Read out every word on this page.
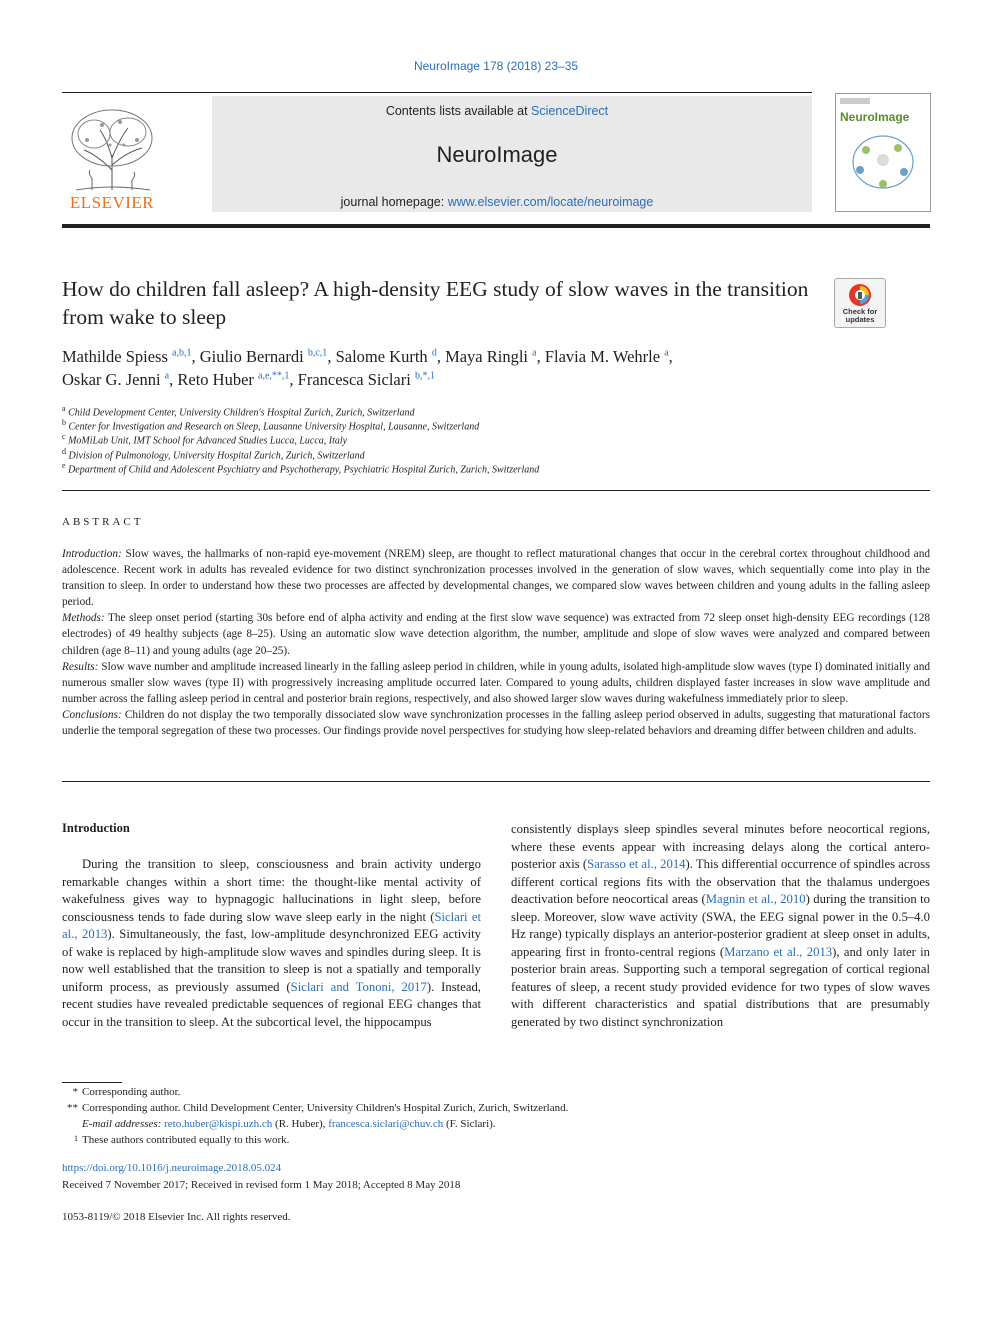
NeuroImage 178 (2018) 23–35
ELSEVIER
Contents lists available at ScienceDirect
NeuroImage
journal homepage: www.elsevier.com/locate/neuroimage
NeuroImage
How do children fall asleep? A high-density EEG study of slow waves in the transition from wake to sleep	Check for updates
Mathilde Spiess $^{a,b,1}$, Giulio Bernardi $^{b,c,1}$, Salome Kurth $^d$, Maya Ringli $^a$, Flavia M. Wehrle $^a$,
Oskar G. Jenni $^a$, Reto Huber $^{a,e,**,1}$, Francesca Siclari $^{b,*,1}$
$^a$ Child Development Center, University Children's Hospital Zurich, Zurich, Switzerland
$^b$ Center for Investigation and Research on Sleep, Lausanne University Hospital, Lausanne, Switzerland
$^c$ MoMiLab Unit, IMT School for Advanced Studies Lucca, Lucca, Italy
$^d$ Division of Pulmonology, University Hospital Zurich, Zurich, Switzerland
$^e$ Department of Child and Adolescent Psychiatry and Psychotherapy, Psychiatric Hospital Zurich, Zurich, Switzerland
ABSTRACT

Introduction: Slow waves, the hallmarks of non-rapid eye-movement (NREM) sleep, are thought to reflect maturational changes that occur in the cerebral cortex throughout childhood and adolescence. Recent work in adults has revealed evidence for two distinct synchronization processes involved in the generation of slow waves, which sequentially come into play in the transition to sleep. In order to understand how these two processes are affected by developmental changes, we compared slow waves between children and young adults in the falling asleep period.

Methods: The sleep onset period (starting 30s before end of alpha activity and ending at the first slow wave sequence) was extracted from 72 sleep onset high-density EEG recordings (128 electrodes) of 49 healthy subjects (age 8–25). Using an automatic slow wave detection algorithm, the number, amplitude and slope of slow waves were analyzed and compared between children (age 8–11) and young adults (age 20–25).

Results: Slow wave number and amplitude increased linearly in the falling asleep period in children, while in young adults, isolated high-amplitude slow waves (type I) dominated initially and numerous smaller slow waves (type II) with progressively increasing amplitude occurred later. Compared to young adults, children displayed faster increases in slow wave amplitude and number across the falling asleep period in central and posterior brain regions, respectively, and also showed larger slow waves during wakefulness immediately prior to sleep.

Conclusions: Children do not display the two temporally dissociated slow wave synchronization processes in the falling asleep period observed in adults, suggesting that maturational factors underlie the temporal segregation of these two processes. Our findings provide novel perspectives for studying how sleep-related behaviors and dreaming differ between children and adults.

Introduction
During the transition to sleep, consciousness and brain activity undergo remarkable changes within a short time: the thought-like mental activity of wakefulness gives way to hypnagogic hallucinations in light sleep, before consciousness tends to fade during slow wave sleep early in the night (Siclari et al., 2013). Simultaneously, the fast, low-amplitude desynchronized EEG activity of wake is replaced by high-amplitude slow waves and spindles during sleep. It is now well established that the transition to sleep is not a spatially and temporally uniform process, as previously assumed (Siclari and Tononi, 2017). Instead, recent studies have revealed predictable sequences of regional EEG changes that occur in the transition to sleep. At the subcortical level, the hippocampus
consistently displays sleep spindles several minutes before neocortical regions, where these events appear with increasing delays along the cortical antero-posterior axis (Sarasso et al., 2014). This differential occurrence of spindles across different cortical regions fits with the observation that the thalamus undergoes deactivation before neocortical areas (Magnin et al., 2010) during the transition to sleep. Moreover, slow wave activity (SWA, the EEG signal power in the 0.5–4.0 Hz range) typically displays an anterior-posterior gradient at sleep onset in adults, appearing first in fronto-central regions (Marzano et al., 2013), and only later in posterior brain areas. Supporting such a temporal segregation of cortical regional features of sleep, a recent study provided evidence for two types of slow waves with different characteristics and spatial distributions that are presumably generated by two distinct synchronization
* Corresponding author.
** Corresponding author. Child Development Center, University Children's Hospital Zurich, Zurich, Switzerland.
E-mail addresses: reto.huber@kispi.uzh.ch (R. Huber), francesca.siclari@chuv.ch (F. Siclari).
1 These authors contributed equally to this work.
https://doi.org/10.1016/j.neuroimage.2018.05.024
Received 7 November 2017; Received in revised form 1 May 2018; Accepted 8 May 2018
1053-8119/© 2018 Elsevier Inc. All rights reserved.
